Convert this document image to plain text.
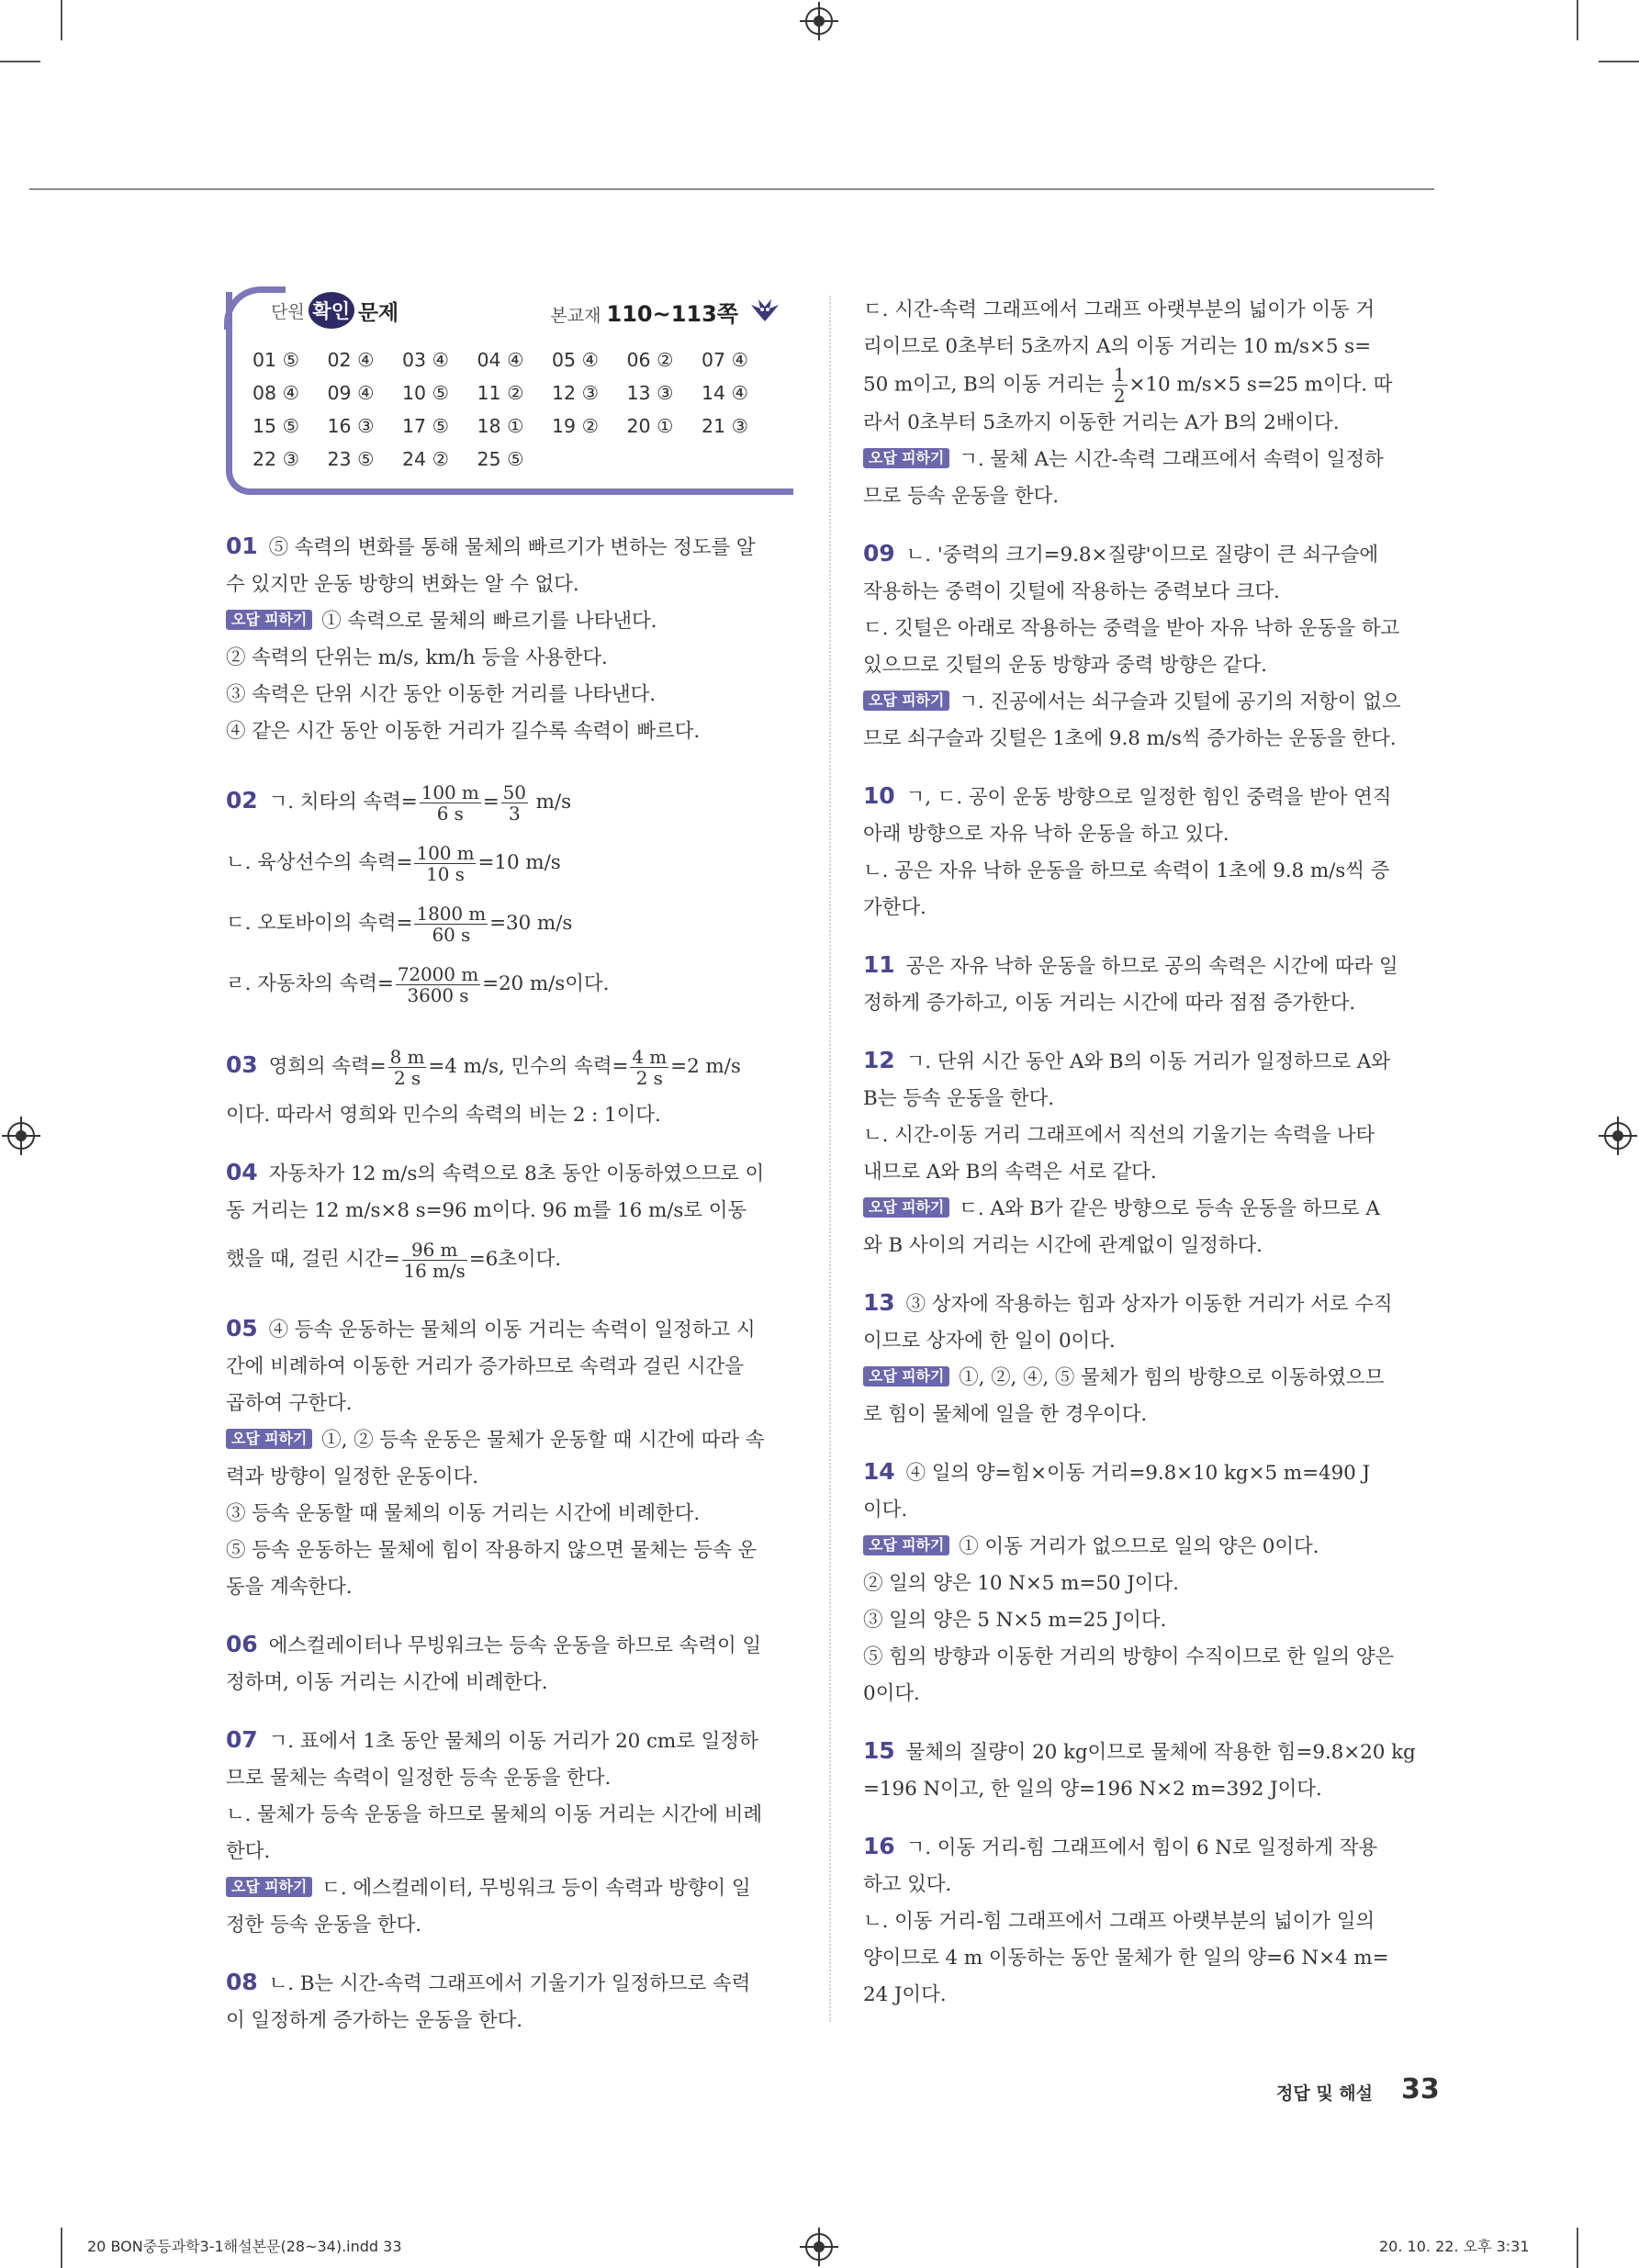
단원 확인 문제	본교재 110~113쪽
01 ⑤	02 ④	03 ④	04 ④	05 ④	06 ②	07 ④
08 ④	09 ④	10 ⑤	11 ②	12 ③	13 ③	14 ④
15 ⑤	16 ③	17 ⑤	18 ①	19 ②	20 ①	21 ③
22 ③	23 ⑤	24 ②	25 ⑤
01 ⑤ 속력의 변화를 통해 물체의 빠르기가 변하는 정도를 알
수 있지만 운동 방향의 변화는 알 수 없다.
오답 피하기 ① 속력으로 물체의 빠르기를 나타낸다.
② 속력의 단위는 m/s, km/h 등을 사용한다.
③ 속력은 단위 시간 동안 이동한 거리를 나타낸다.
④ 같은 시간 동안 이동한 거리가 길수록 속력이 빠르다.
02 ㄱ. 치타의 속력= $\frac{100 m}{6 s} = \frac{50}{3} m/s$
ㄴ. 육상선수의 속력= $\frac{100 m}{10 s} =10$ m/s
ㄷ. 오토바이의 속력= $\frac{1800 m}{60 s} =30$ m/s
ㄹ. 자동차의 속력= $\frac{72000 m}{3600 s} =20$ m/s이다.
03 영희의 속력= $\frac{8 m}{2 s} =4$ m/s, 민수의 속력= $\frac{4 m}{2 s} =2$ m/s
이다. 따라서 영희와 민수의 속력의 비는 2 : 1이다.
04 자동차가 12 m/s의 속력으로 8초 동안 이동하였으므로 이
동 거리는 12 m/s×8 s=96 m이다. 96 m를 16 m/s로 이동
했을 때, 걸린 시간= $\frac{96 m}{16 m/s} =6$초이다.
05 ④ 등속 운동하는 물체의 이동 거리는 속력이 일정하고 시
간에 비례하여 이동한 거리가 증가하므로 속력과 걸린 시간을
곱하여 구한다.
오답 피하기 ①, ② 등속 운동은 물체가 운동할 때 시간에 따라 속
력과 방향이 일정한 운동이다.
③ 등속 운동할 때 물체의 이동 거리는 시간에 비례한다.
⑤ 등속 운동하는 물체에 힘이 작용하지 않으면 물체는 등속 운
동을 계속한다.
06 에스컬레이터나 무빙워크는 등속 운동을 하므로 속력이 일
정하며, 이동 거리는 시간에 비례한다.
07 ㄱ. 표에서 1초 동안 물체의 이동 거리가 20 cm로 일정하
므로 물체는 속력이 일정한 등속 운동을 한다.
ㄴ. 물체가 등속 운동을 하므로 물체의 이동 거리는 시간에 비례
한다.
오답 피하기 ㄷ. 에스컬레이터, 무빙워크 등이 속력과 방향이 일
정한 등속 운동을 한다.
08 ㄴ. B는 시간-속력 그래프에서 기울기가 일정하므로 속력
이 일정하게 증가하는 운동을 한다.
ㄷ. 시간-속력 그래프에서 그래프 아랫부분의 넓이가 이동 거
리이므로 0초부터 5초까지 A의 이동 거리는 10 m/s×5 s=
50 m이고, B의 이동 거리는 $\frac{1}{2} \times 10$ m/s×5 s=25 m이다. 따
라서 0초부터 5초까지 이동한 거리는 A가 B의 2배이다.
오답 피하기 ㄱ. 물체 A는 시간-속력 그래프에서 속력이 일정하
므로 등속 운동을 한다.
09 ㄴ. '중력의 크기=9.8×질량'이므로 질량이 큰 쇠구슬에
작용하는 중력이 깃털에 작용하는 중력보다 크다.
ㄷ. 깃털은 아래로 작용하는 중력을 받아 자유 낙하 운동을 하고
있으므로 깃털의 운동 방향과 중력 방향은 같다.
오답 피하기 ㄱ. 진공에서는 쇠구슬과 깃털에 공기의 저항이 없으
므로 쇠구슬과 깃털은 1초에 9.8 m/s씩 증가하는 운동을 한다.
10 ㄱ, ㄷ. 공이 운동 방향으로 일정한 힘인 중력을 받아 연직
아래 방향으로 자유 낙하 운동을 하고 있다.
ㄴ. 공은 자유 낙하 운동을 하므로 속력이 1초에 9.8 m/s씩 증
가한다.
11 공은 자유 낙하 운동을 하므로 공의 속력은 시간에 따라 일
정하게 증가하고, 이동 거리는 시간에 따라 점점 증가한다.
12 ㄱ. 단위 시간 동안 A와 B의 이동 거리가 일정하므로 A와
B는 등속 운동을 한다.
ㄴ. 시간-이동 거리 그래프에서 직선의 기울기는 속력을 나타
내므로 A와 B의 속력은 서로 같다.
오답 피하기 ㄷ. A와 B가 같은 방향으로 등속 운동을 하므로 A
와 B 사이의 거리는 시간에 관계없이 일정하다.
13 ③ 상자에 작용하는 힘과 상자가 이동한 거리가 서로 수직
이므로 상자에 한 일이 0이다.
오답 피하기 ①, ②, ④, ⑤ 물체가 힘의 방향으로 이동하였으므
로 힘이 물체에 일을 한 경우이다.
14 ④ 일의 양=힘×이동 거리=9.8×10 kg×5 m=490 J
이다.
오답 피하기 ① 이동 거리가 없으므로 일의 양은 0이다.
② 일의 양은 10 N×5 m=50 J이다.
③ 일의 양은 5 N×5 m=25 J이다.
⑤ 힘의 방향과 이동한 거리의 방향이 수직이므로 한 일의 양은
0이다.
15 물체의 질량이 20 kg이므로 물체에 작용한 힘=9.8×20 kg
=196 N이고, 한 일의 양=196 N×2 m=392 J이다.
16 ㄱ. 이동 거리-힘 그래프에서 힘이 6 N로 일정하게 작용
하고 있다.
ㄴ. 이동 거리-힘 그래프에서 그래프 아랫부분의 넓이가 일의
양이므로 4 m 이동하는 동안 물체가 한 일의 양=6 N×4 m=
24 J이다.
정답 및 해설 33
20 BON중등과학3-1해설본문(28~34).indd 33	20. 10. 22. 오후 3:31
